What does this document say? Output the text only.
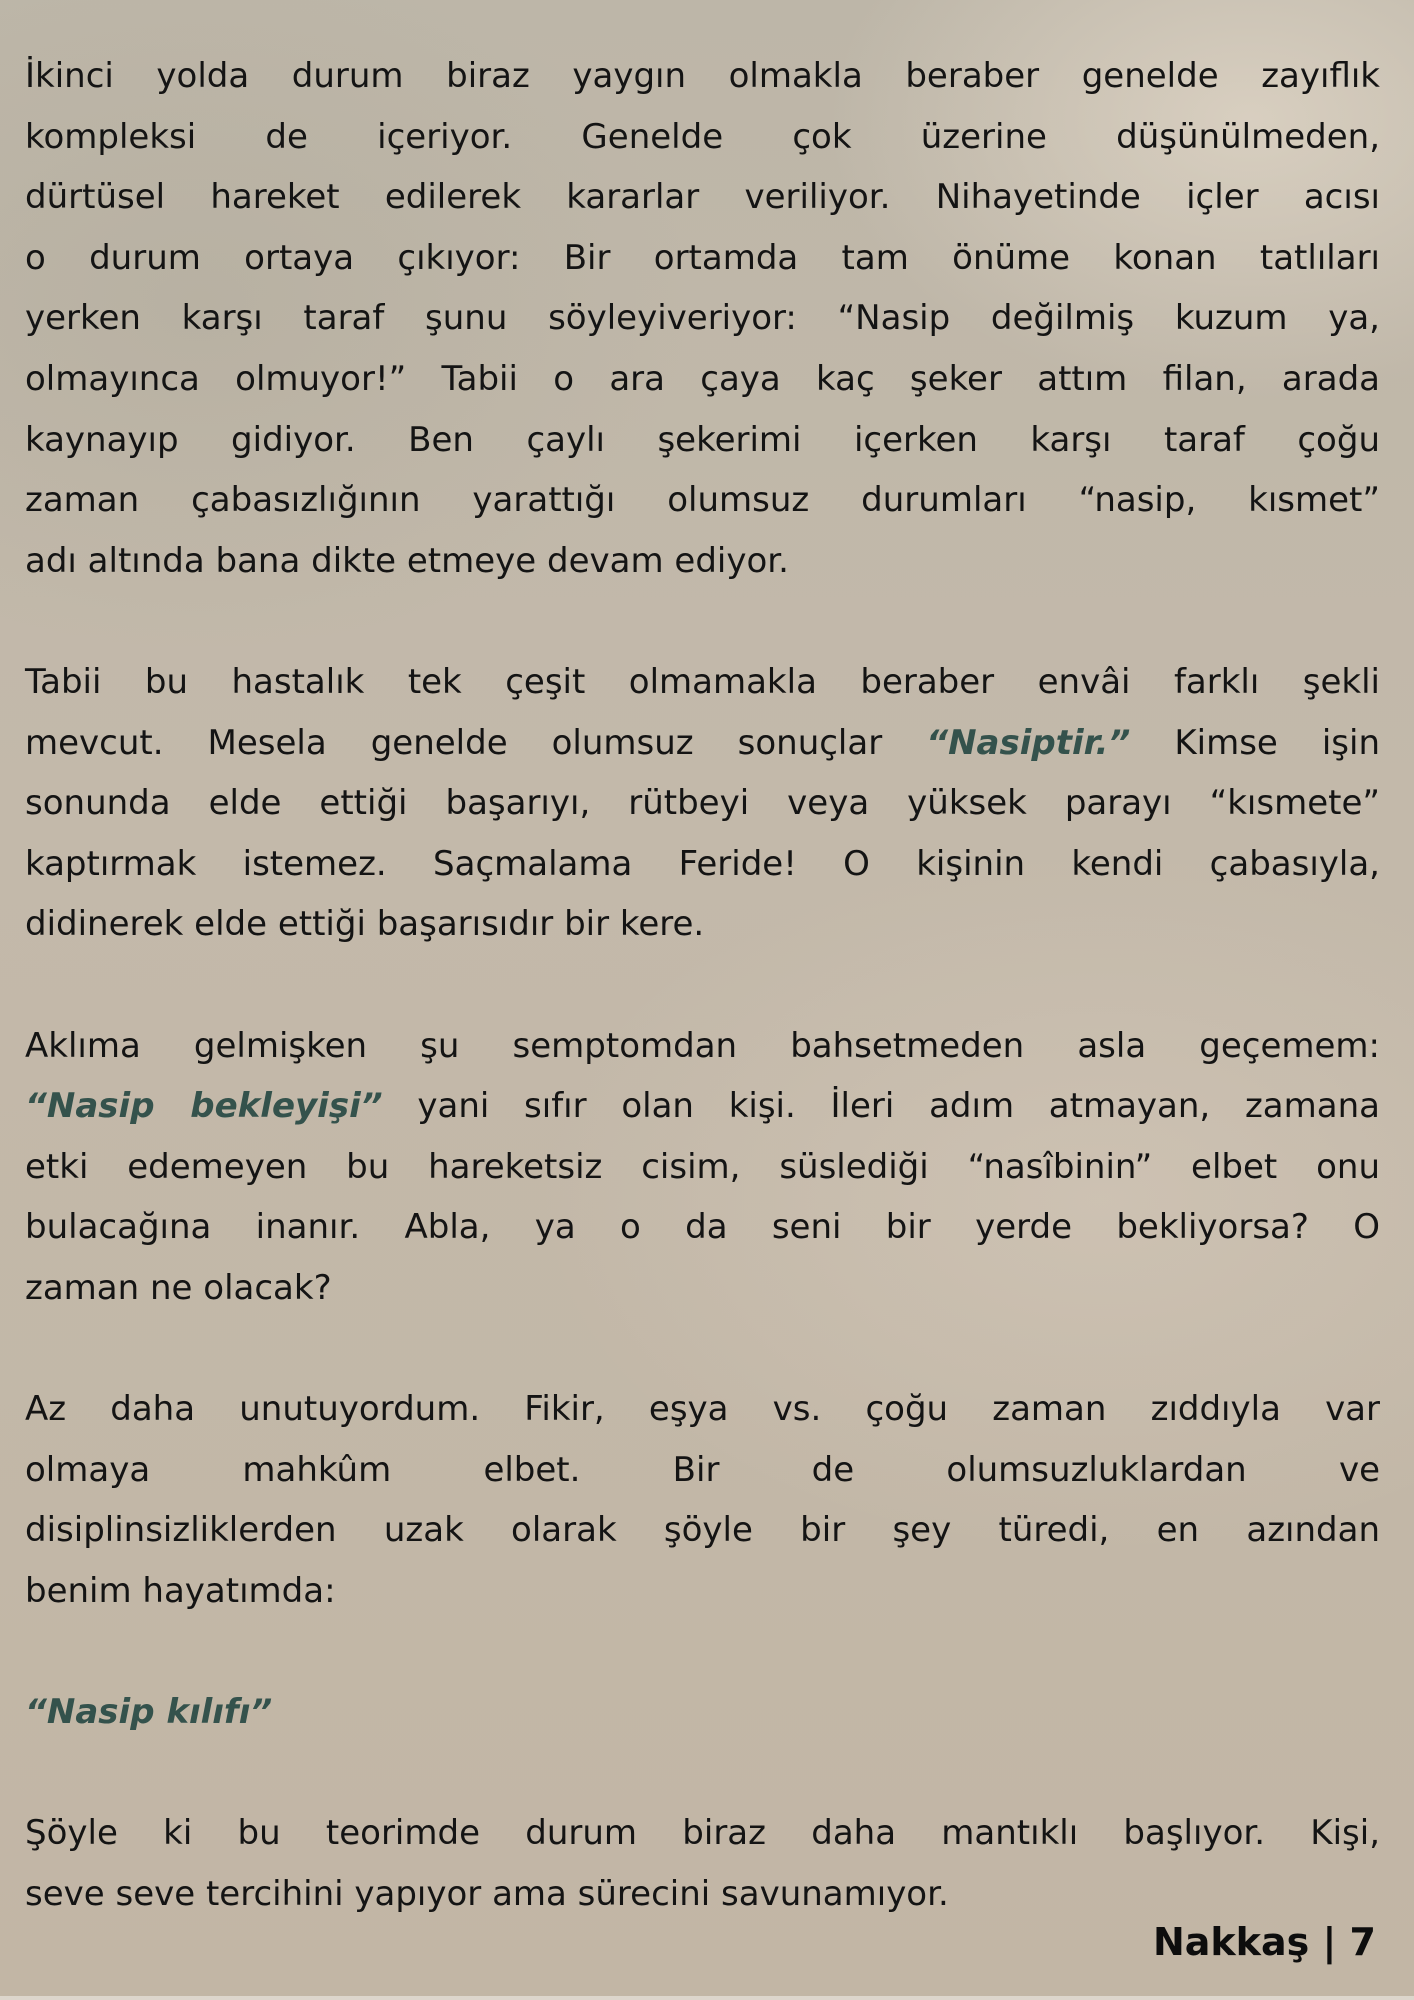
İkinci yolda durum biraz yaygın olmakla beraber genelde zayıflık
kompleksi de içeriyor. Genelde çok üzerine düşünülmeden,
dürtüsel hareket edilerek kararlar veriliyor. Nihayetinde içler acısı
o durum ortaya çıkıyor: Bir ortamda tam önüme konan tatlıları
yerken karşı taraf şunu söyleyiveriyor: “Nasip değilmiş kuzum ya,
olmayınca olmuyor!” Tabii o ara çaya kaç şeker attım filan, arada
kaynayıp gidiyor. Ben çaylı şekerimi içerken karşı taraf çoğu
zaman çabasızlığının yarattığı olumsuz durumları “nasip, kısmet”
adı altında bana dikte etmeye devam ediyor.
Tabii bu hastalık tek çeşit olmamakla beraber envâi farklı şekli
mevcut. Mesela genelde olumsuz sonuçlar “Nasiptir.” Kimse işin
sonunda elde ettiği başarıyı, rütbeyi veya yüksek parayı “kısmete”
kaptırmak istemez. Saçmalama Feride! O kişinin kendi çabasıyla,
didinerek elde ettiği başarısıdır bir kere.
Aklıma gelmişken şu semptomdan bahsetmeden asla geçemem:
“Nasip bekleyişi” yani sıfır olan kişi. İleri adım atmayan, zamana
etki edemeyen bu hareketsiz cisim, süslediği “nasîbinin” elbet onu
bulacağına inanır. Abla, ya o da seni bir yerde bekliyorsa? O
zaman ne olacak?
Az daha unutuyordum. Fikir, eşya vs. çoğu zaman zıddıyla var
olmaya mahkûm elbet. Bir de olumsuzluklardan ve
disiplinsizliklerden uzak olarak şöyle bir şey türedi, en azından
benim hayatımda:
“Nasip kılıfı”
Şöyle ki bu teorimde durum biraz daha mantıklı başlıyor. Kişi,
seve seve tercihini yapıyor ama sürecini savunamıyor.
Nakkaş | 7
